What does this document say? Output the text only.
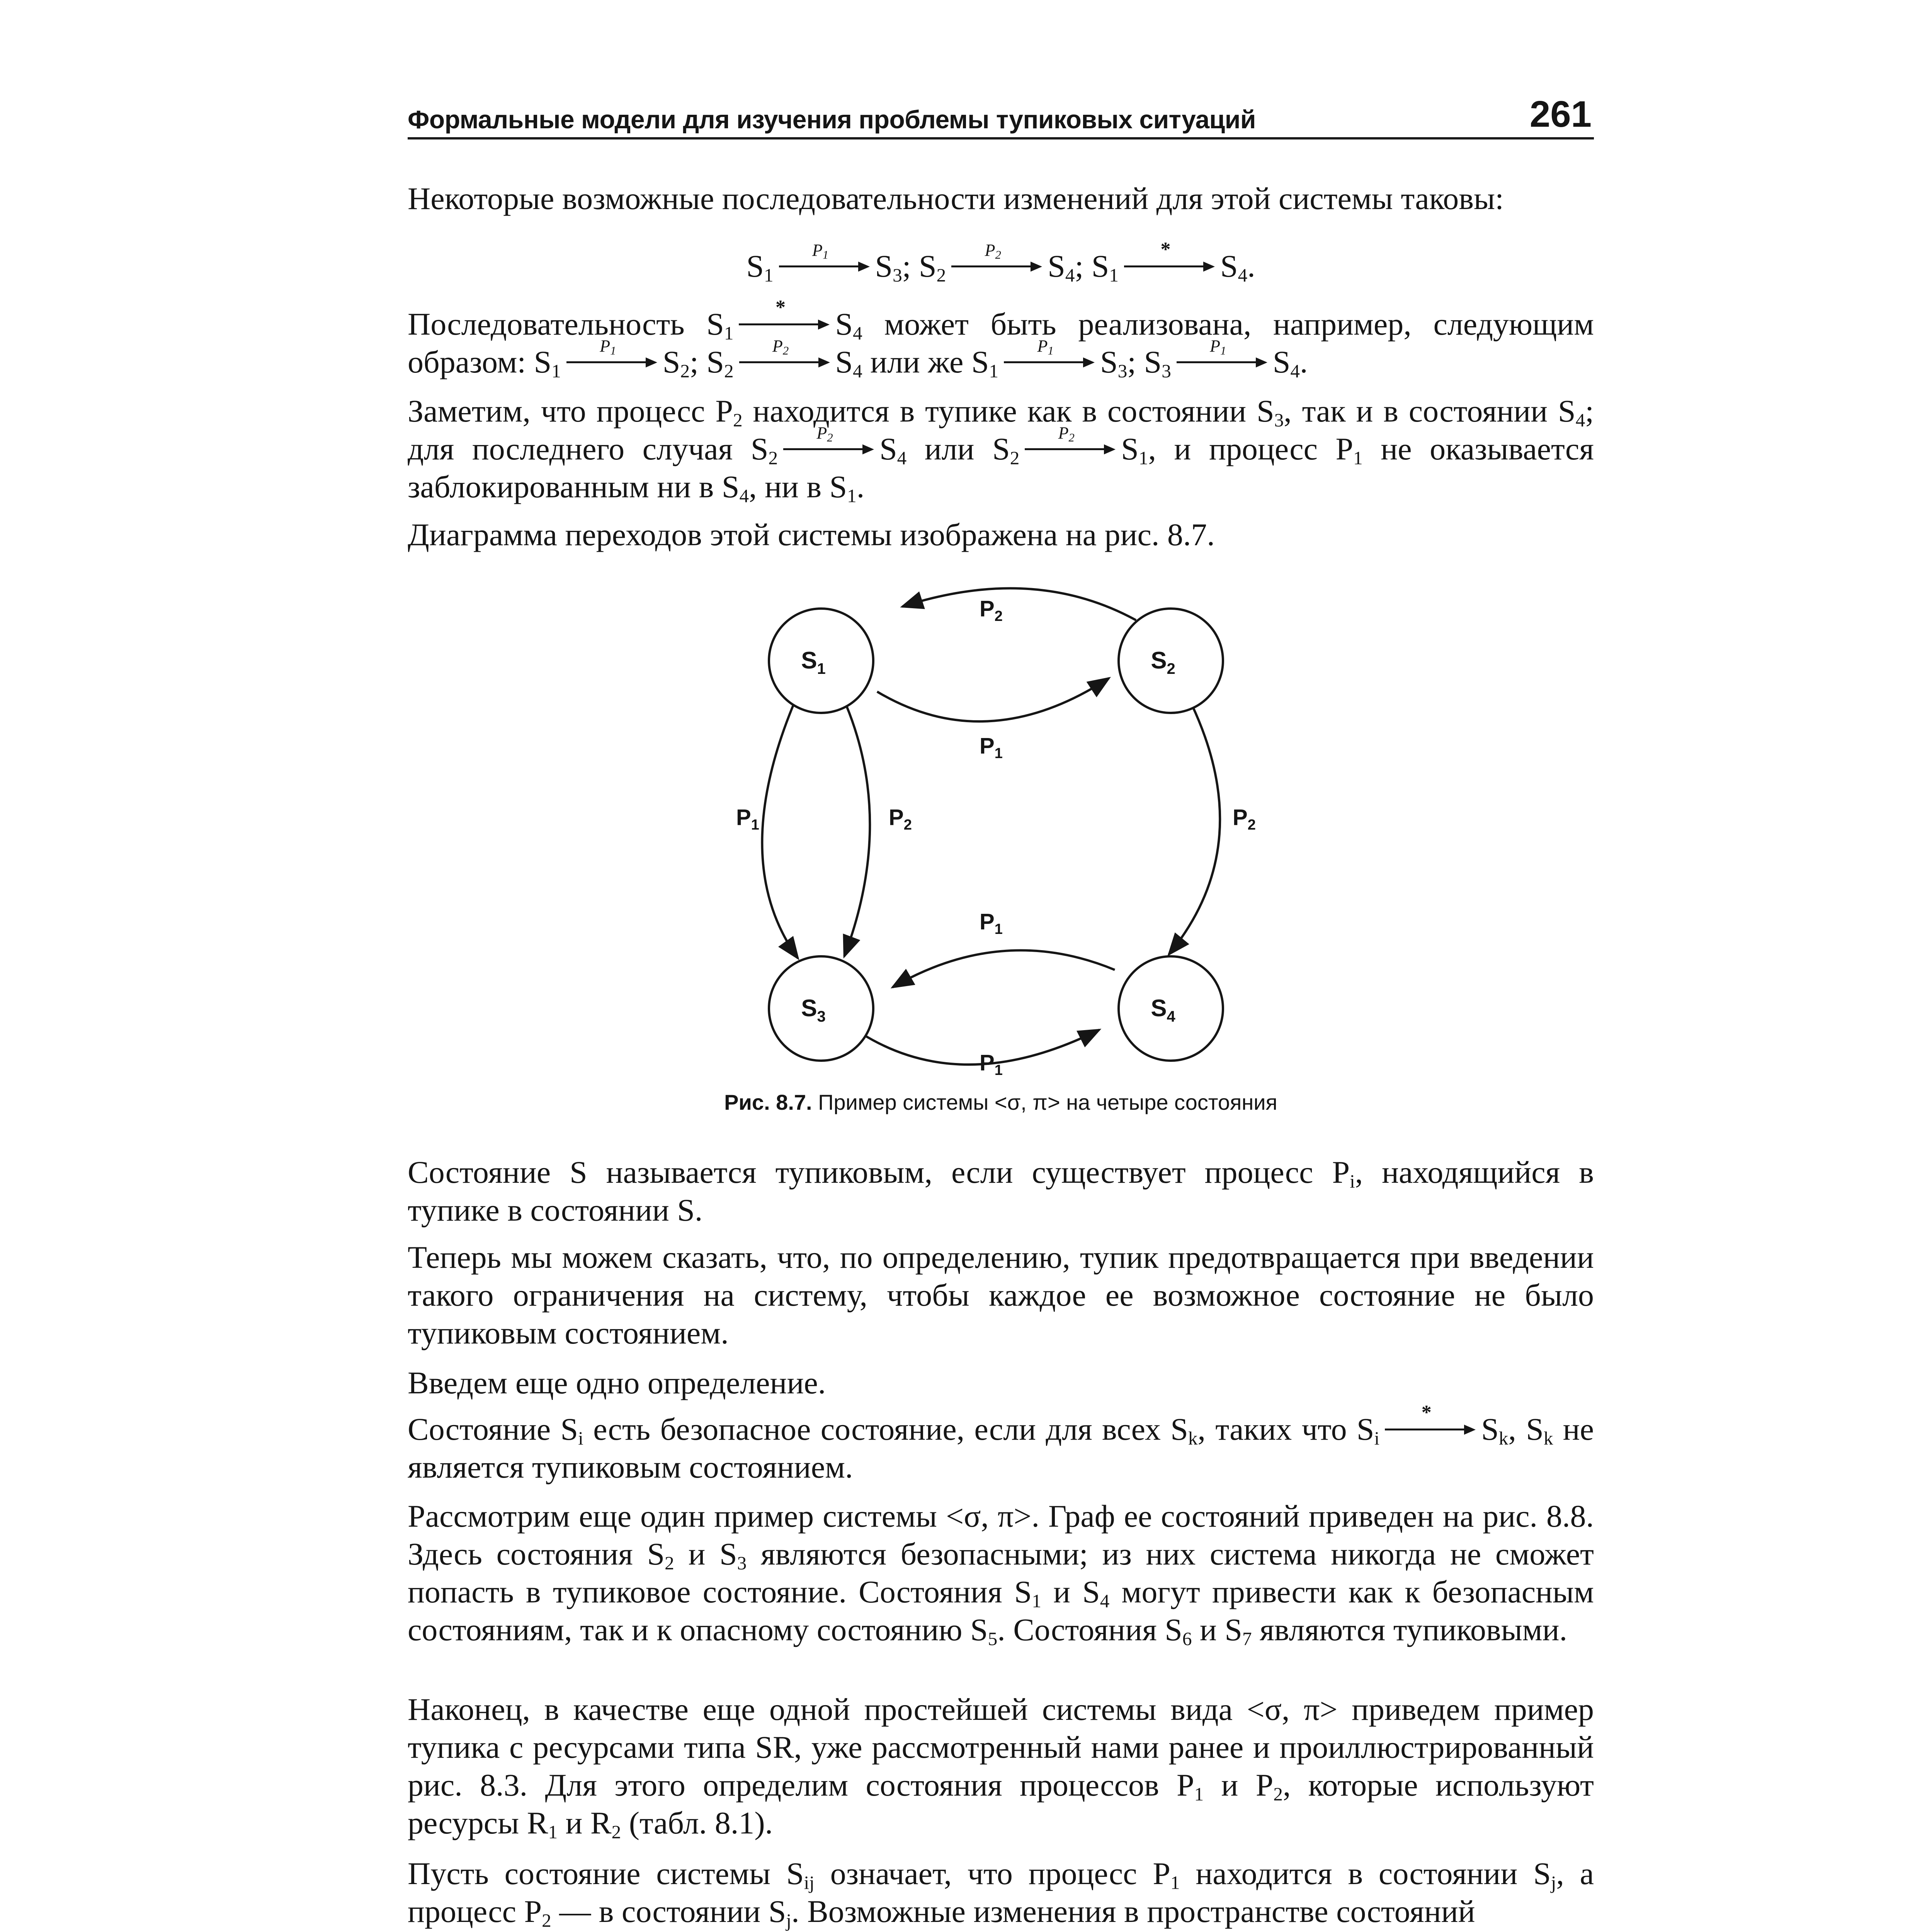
Формальные модели для изучения проблемы тупиковых ситуаций	261

Некоторые возможные последовательности изменений для этой системы таковы:

$S_1$
$P_1$	$S_3$; $S_2$
$P_2$	$S_4$; $S_1$
*	$S_4$.

Последовательность $S_1$
*	$S_4$ может быть реализована, например, следующим образом: $S_1$
$P_1$	$S_2$; $S_2$
$P_2$	$S_4$ или же $S_1$
$P_1$	$S_3$; $S_3$
$P_1$	$S_4$.

Заметим, что процесс $P_2$ находится в тупике как в состоянии $S_3$, так и в состоянии $S_4$; для последнего случая $S_2$
$P_2$	$S_4$ или $S_2$
$P_2$	$S_1$, и процесс $P_1$ не оказывается заблокированным ни в $S_4$, ни в $S_1$.

Диаграмма переходов этой системы изображена на рис. 8.7.

Рис. 8.7. Пример системы <σ, π> на четыре состояния

Состояние S называется тупиковым, если существует процесс $P_i$, находящийся в тупике в состоянии S.

Теперь мы можем сказать, что, по определению, тупик предотвращается при введении такого ограничения на систему, чтобы каждое ее возможное состояние не было тупиковым состоянием.

Введем еще одно определение.

Состояние $S_i$ есть безопасное состояние, если для всех $S_k$, таких что $S_i$
*	$S_k$, $S_k$ не является тупиковым состоянием.

Рассмотрим еще один пример системы <σ, π>. Граф ее состояний приведен на рис. 8.8. Здесь состояния $S_2$ и $S_3$ являются безопасными; из них система никогда не сможет попасть в тупиковое состояние. Состояния $S_1$ и $S_4$ могут привести как к безопасным состояниям, так и к опасному состоянию $S_5$. Состояния $S_6$ и $S_7$ являются тупиковыми.

Наконец, в качестве еще одной простейшей системы вида <σ, π> приведем пример тупика с ресурсами типа SR, уже рассмотренный нами ранее и проиллюстрированный рис. 8.3. Для этого определим состояния процессов $P_1$ и $P_2$, которые используют ресурсы $R_1$ и $R_2$ (табл. 8.1).

Пусть состояние системы $S_{ij}$ означает, что процесс $P_1$ находится в состоянии $S_j$, а процесс $P_2$ — в состоянии $S_j$. Возможные изменения в пространстве состояний

$S_1$	$S_2$
$S_3$	$S_4$
$P_2$
$P_1$
$P_1$	$P_2$	$P_2$
$P_1$
$P_1$
